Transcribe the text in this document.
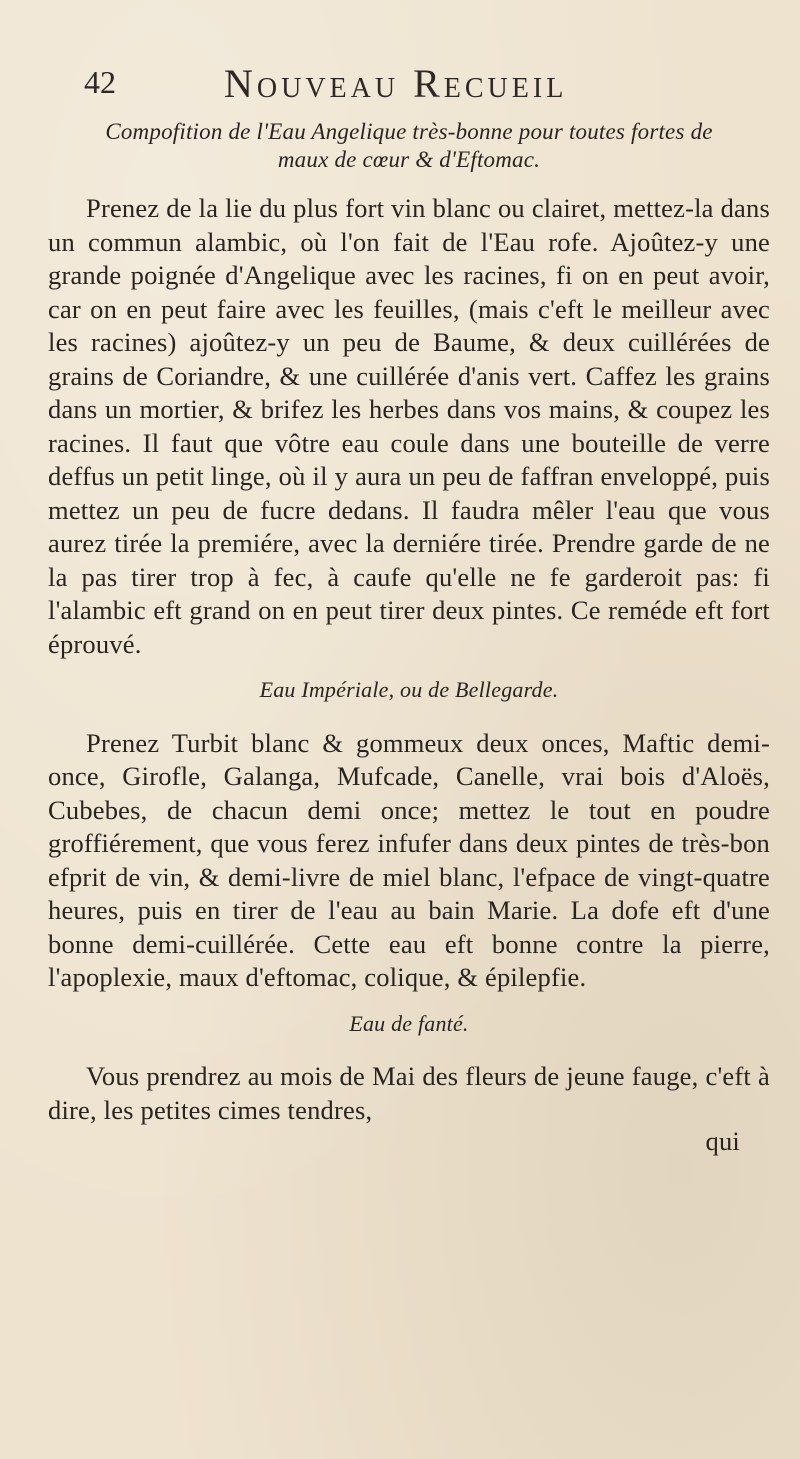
42	Nouveau Recueil
Compofition de l'Eau Angelique très-bonne pour toutes fortes de maux de cœur & d'Eftomac.

Prenez de la lie du plus fort vin blanc ou clairet, mettez-la dans un commun alambic, où l'on fait de l'Eau rofe. Ajoûtez-y une grande poignée d'Angelique avec les racines, fi on en peut avoir, car on en peut faire avec les feuilles, (mais c'eft le meilleur avec les racines) ajoûtez-y un peu de Baume, & deux cuillérées de grains de Coriandre, & une cuillérée d'anis vert. Caffez les grains dans un mortier, & brifez les herbes dans vos mains, & coupez les racines. Il faut que vôtre eau coule dans une bouteille de verre deffus un petit linge, où il y aura un peu de faffran enveloppé, puis mettez un peu de fucre dedans. Il faudra mêler l'eau que vous aurez tirée la premiére, avec la derniére tirée. Prendre garde de ne la pas tirer trop à fec, à caufe qu'elle ne fe garderoit pas: fi l'alambic eft grand on en peut tirer deux pintes. Ce reméde eft fort éprouvé.

Eau Impériale, ou de Bellegarde.

Prenez Turbit blanc & gommeux deux onces, Maftic demi-once, Girofle, Galanga, Mufcade, Canelle, vrai bois d'Aloës, Cubebes, de chacun demi once; mettez le tout en poudre groffiérement, que vous ferez infufer dans deux pintes de très-bon efprit de vin, & demi-livre de miel blanc, l'efpace de vingt-quatre heures, puis en tirer de l'eau au bain Marie. La dofe eft d'une bonne demi-cuillérée. Cette eau eft bonne contre la pierre, l'apoplexie, maux d'eftomac, colique, & épilepfie.

Eau de fanté.

Vous prendrez au mois de Mai des fleurs de jeune fauge, c'eft à dire, les petites cimes tendres,

qui
